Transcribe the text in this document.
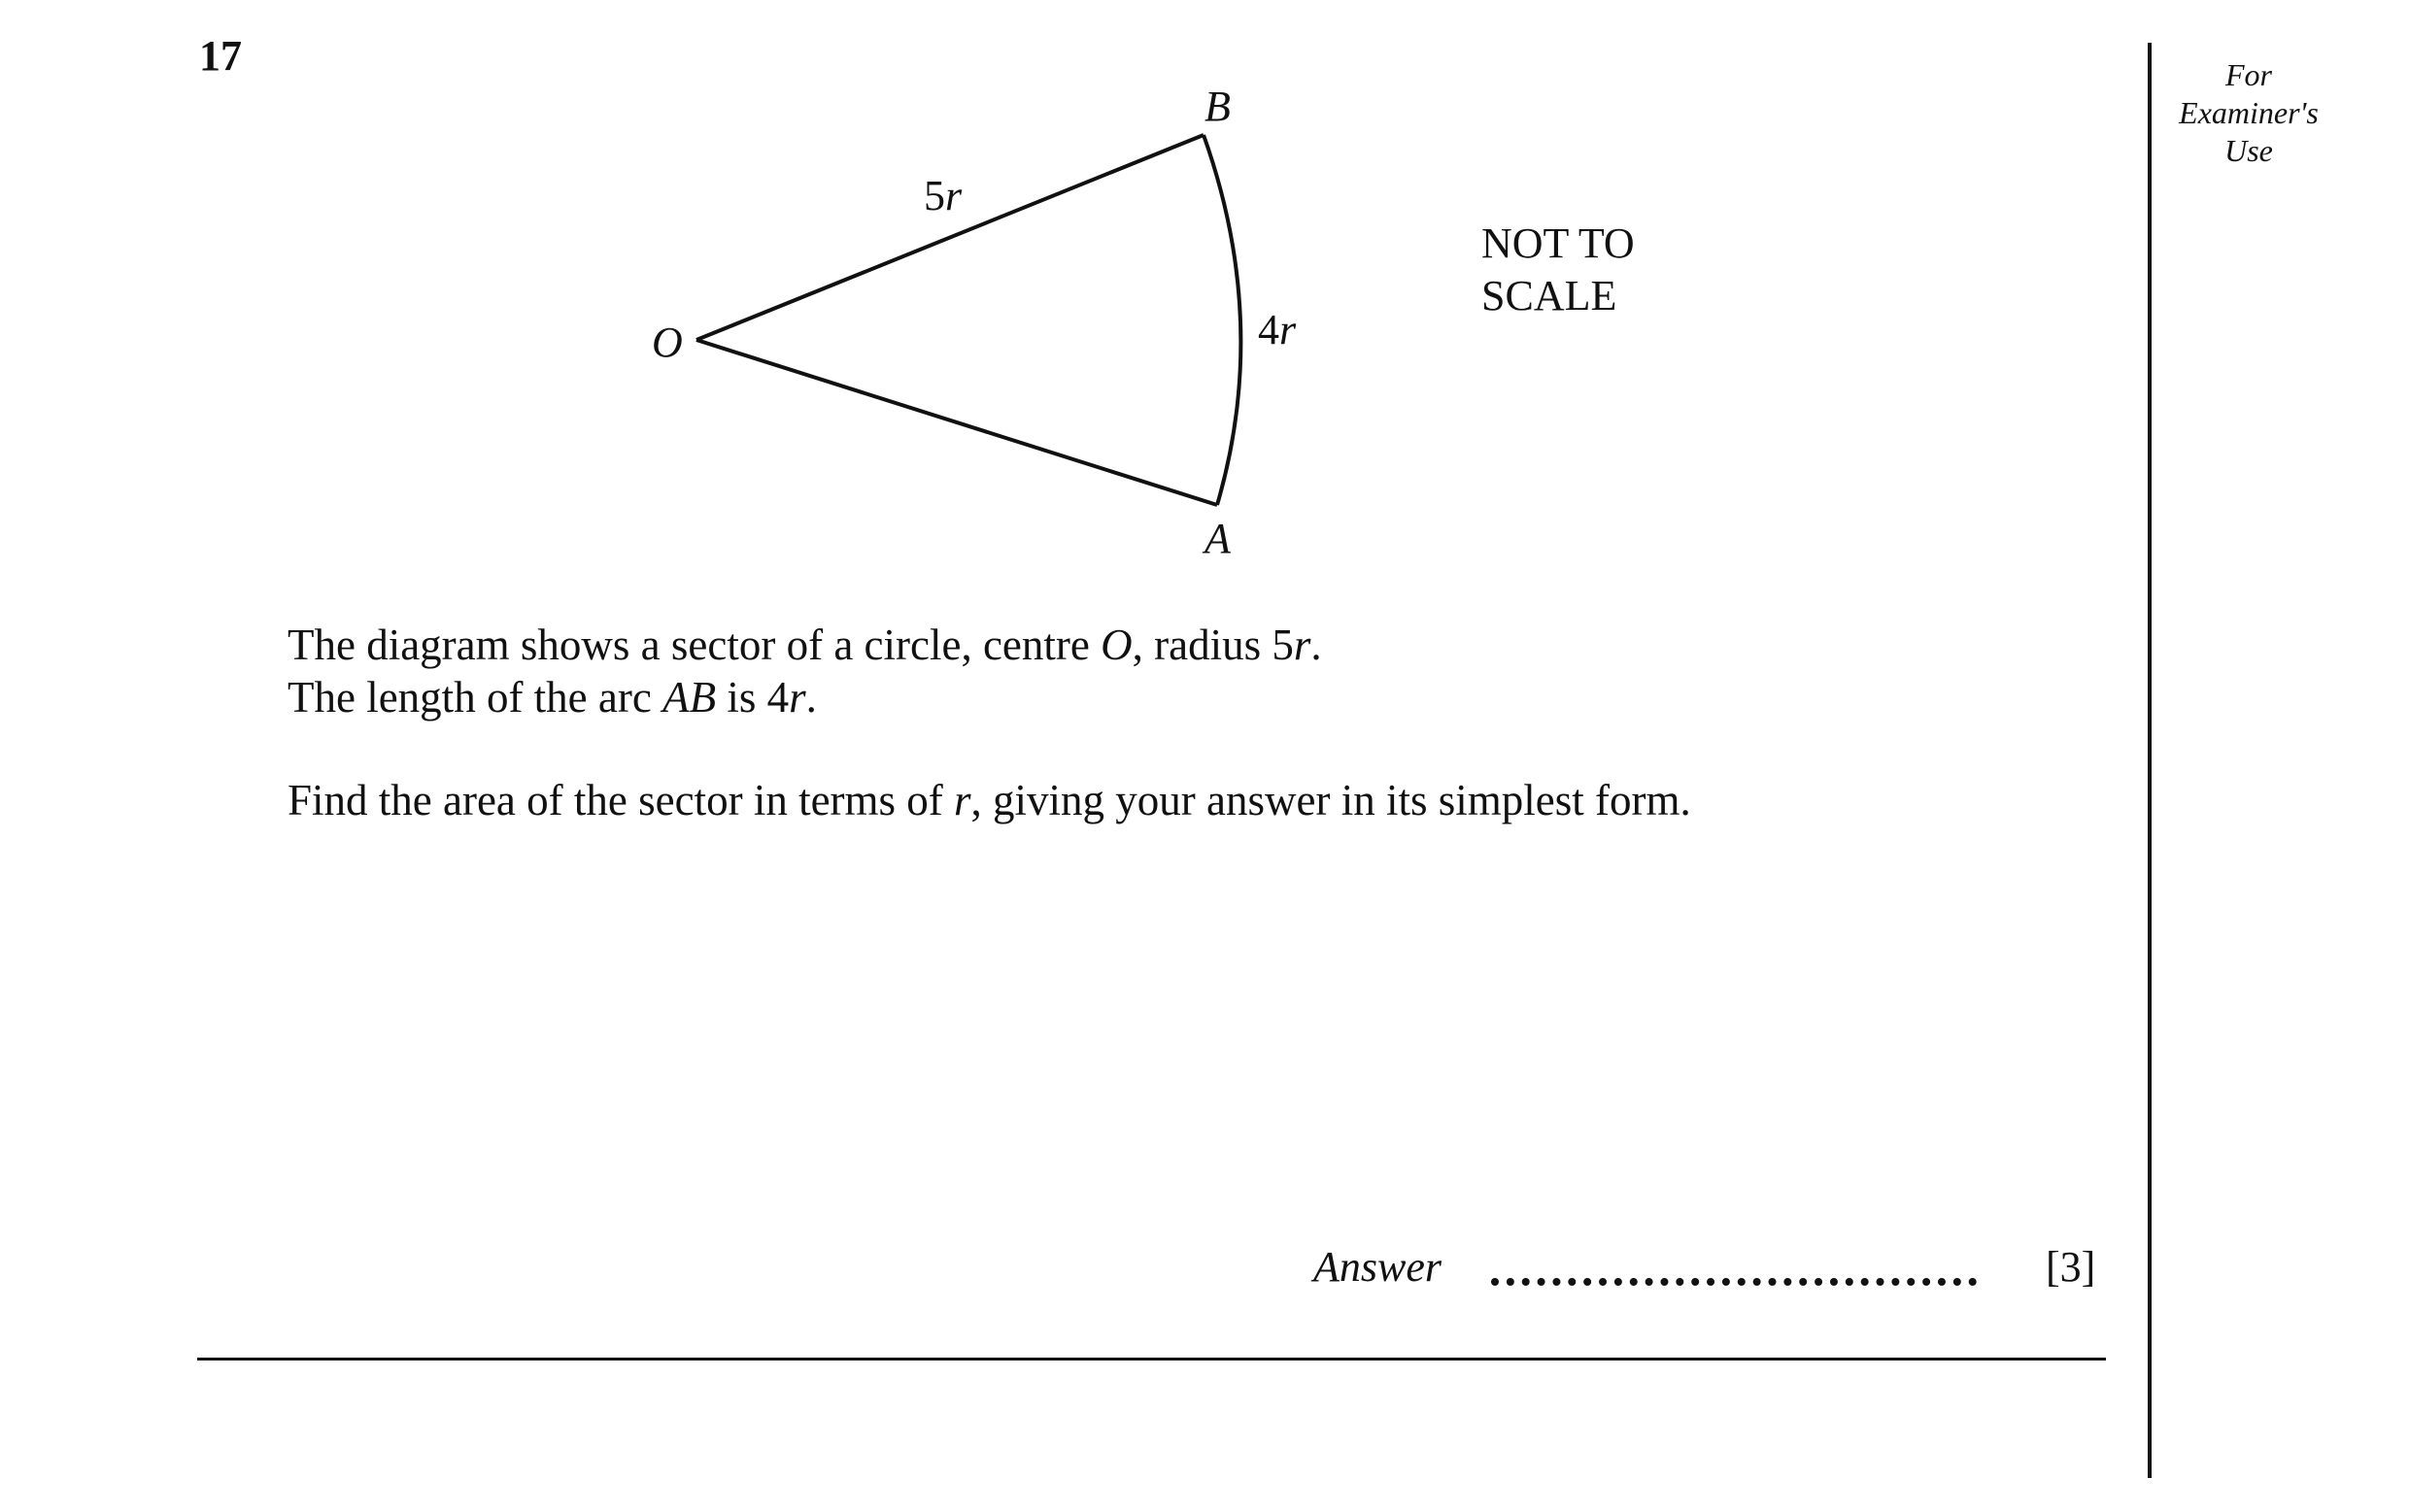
17	For
Examiner's
Use
O
A
B
5r
4r
NOT TO
SCALE
The diagram shows a sector of a circle, centre O, radius 5r.
The length of the arc AB is 4r.
Find the area of the sector in terms of r, giving your answer in its simplest form.
Answer	[3]
